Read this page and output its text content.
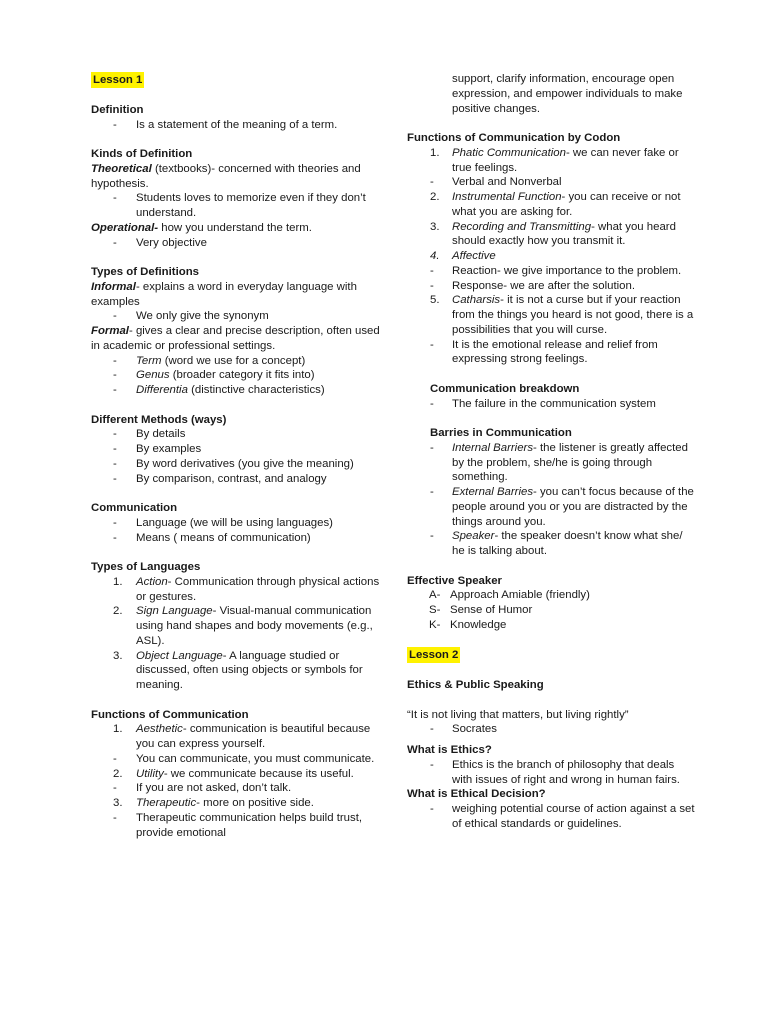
Lesson 1
Definition
- Is a statement of the meaning of a term.
Kinds of Definition
Theoretical (textbooks)- concerned with theories and hypothesis.
- Students loves to memorize even if they don’t understand.
Operational- how you understand the term.
- Very objective
Types of Definitions
Informal- explains a word in everyday language with examples
- We only give the synonym
Formal- gives a clear and precise description, often used in academic or professional settings.
- Term (word we use for a concept)
- Genus (broader category it fits into)
- Differentia (distinctive characteristics)
Different Methods (ways)
- By details
- By examples
- By word derivatives (you give the meaning)
- By comparison, contrast, and analogy
Communication
- Language (we will be using languages)
- Means ( means of communication)
Types of Languages
1. Action- Communication through physical actions or gestures.
2. Sign Language- Visual-manual communication using hand shapes and body movements (e.g., ASL).
3. Object Language- A language studied or discussed, often using objects or symbols for meaning.
Functions of Communication
1. Aesthetic- communication is beautiful because you can express yourself.
- You can communicate, you must communicate.
2. Utility- we communicate because its useful.
- If you are not asked, don’t talk.
3. Therapeutic- more on positive side.
- Therapeutic communication helps build trust, provide emotional
support, clarify information, encourage open expression, and empower individuals to make positive changes.
Functions of Communication by Codon
1. Phatic Communication- we can never fake or true feelings.
- Verbal and Nonverbal
2. Instrumental Function- you can receive or not what you are asking for.
3. Recording and Transmitting- what you heard should exactly how you transmit it.
4. Affective
- Reaction- we give importance to the problem.
- Response- we are after the solution.
5. Catharsis- it is not a curse but if your reaction from the things you heard is not good, there is a possibilities that you will curse.
- It is the emotional release and relief from expressing strong feelings.
Communication breakdown
- The failure in the communication system
Barries in Communication
- Internal Barriers- the listener is greatly affected by the problem, she/he is going through something.
- External Barries- you can’t focus because of the people around you or you are distracted by the things around you.
- Speaker- the speaker doesn’t know what she/ he is talking about.
Effective Speaker
A- Approach Amiable (friendly)
S- Sense of Humor
K- Knowledge
Lesson 2
Ethics & Public Speaking
“It is not living that matters, but living rightly”
- Socrates
What is Ethics?
- Ethics is the branch of philosophy that deals with issues of right and wrong in human fairs.
What is Ethical Decision?
- weighing potential course of action against a set of ethical standards or guidelines.
